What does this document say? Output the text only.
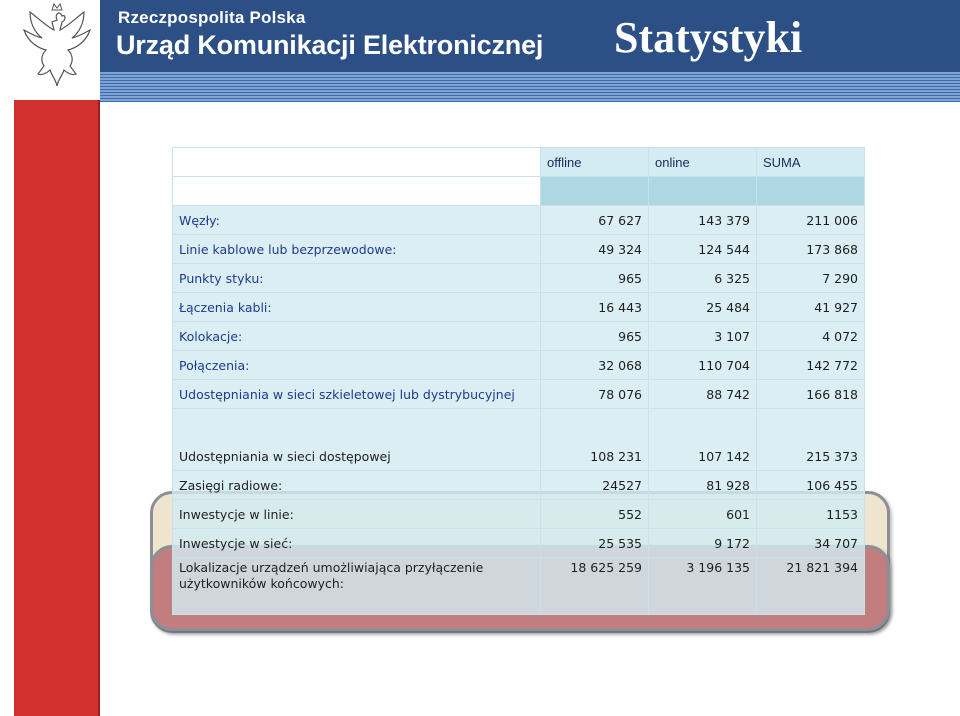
Rzeczpospolita Polska
Urząd Komunikacji Elektronicznej Statystyki
	offline	online	SUMA

Węzły:	67 627	143 379	211 006
Linie kablowe lub bezprzewodowe:	49 324	124 544	173 868
Punkty styku:	965	6 325	7 290
Łączenia kabli:	16 443	25 484	41 927
Kolokacje:	965	3 107	4 072
Połączenia:	32 068	110 704	142 772
Udostępniania w sieci szkieletowej lub dystrybucyjnej	78 076	88 742	166 818
Udostępniania w sieci dostępowej	108 231	107 142	215 373
Zasięgi radiowe:	24527	81 928	106 455
Inwestycje w linie:	552	601	1153
Inwestycje w sieć:	25 535	9 172	34 707

Lokalizacje urządzeń umożliwiająca przyłączenie
użytkowników końcowych:	18 625 259	3 196 135	21 821 394
